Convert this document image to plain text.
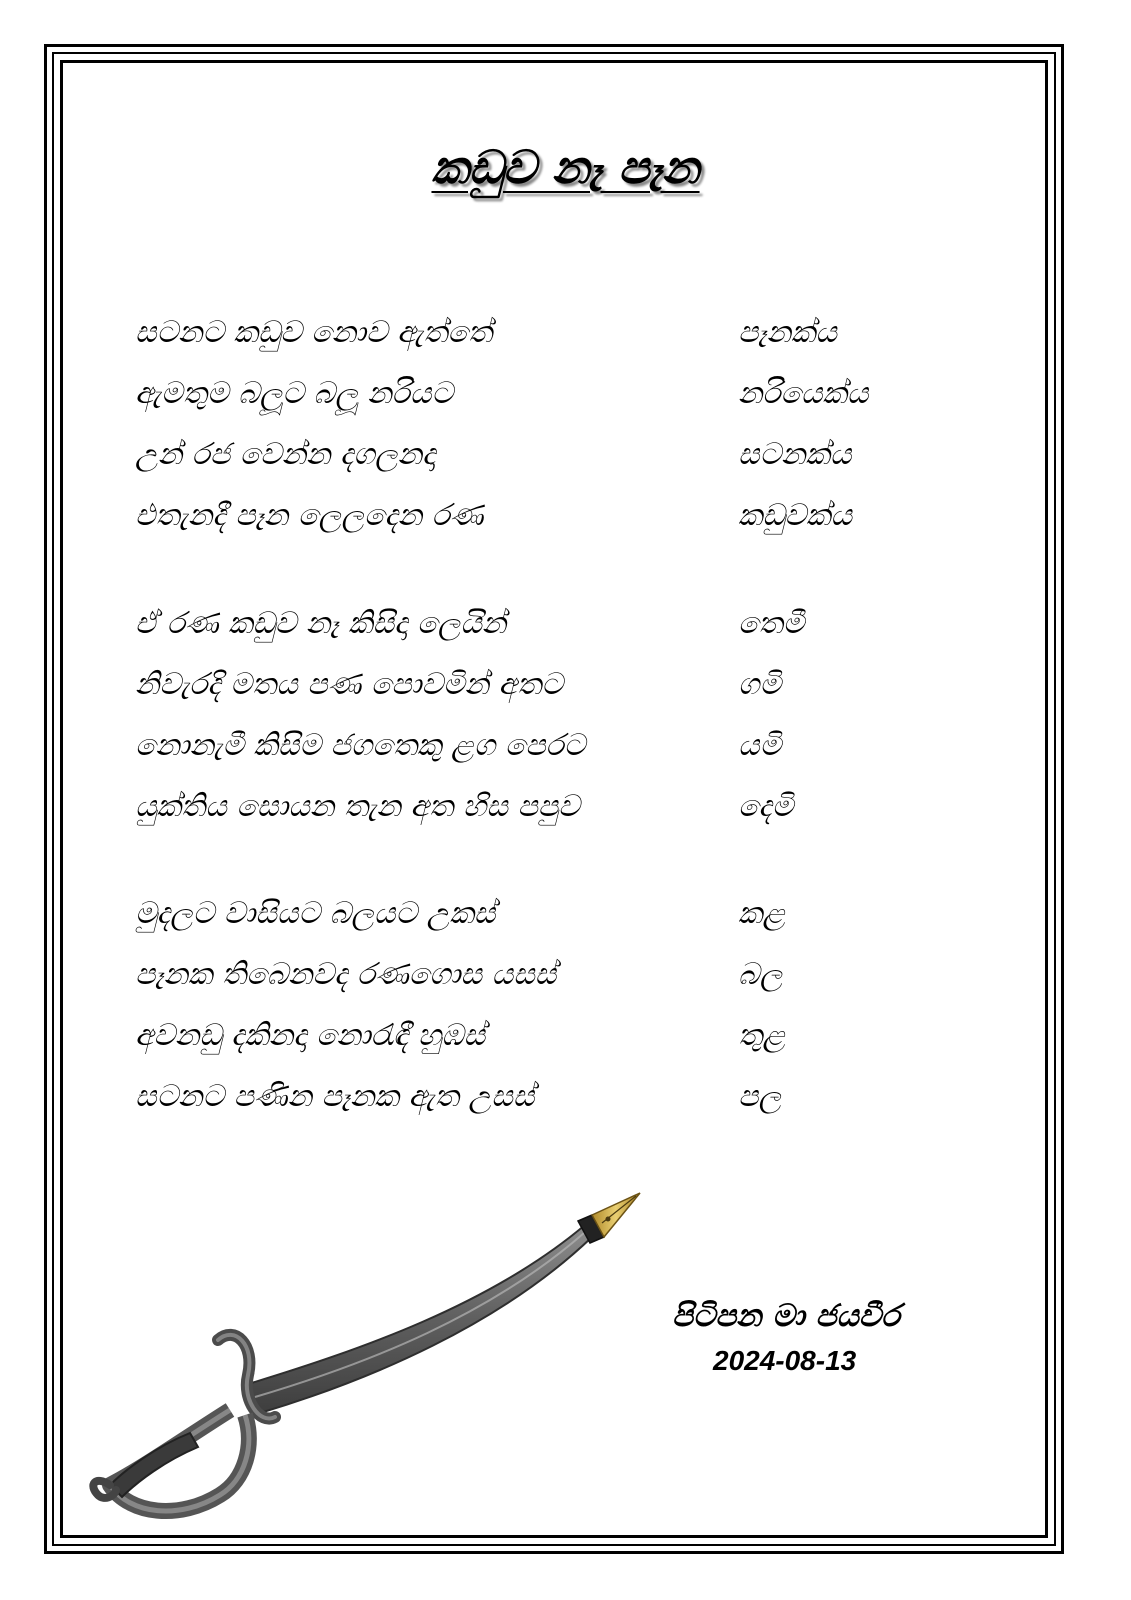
කඩුව නෑ පෑන
සටනට කඩුව නොව ඇත්තේ	පෑනක්ය
ඇමතුම බලූට බලූ නරියට	නරියෙක්ය
උන් රජ වෙන්න දගලනදා	සටනක්ය
එතැනදී පෑන ලෙලදෙන රණ	කඩුවක්ය
ඒ රණ කඩුව නෑ කිසිදා ලෙයින්	තෙමී
නිවැරදි මතය පණ පොවමින් අතට	ගමි
නොනැමී කිසිම ජගතෙකු ළග පෙරට	යමි
යුක්තිය සොයන තැන අත හිස පපුව	දෙමි
මුදලට වාසියට බලයට උකස්	කළ
පෑනක තිබෙනවද රණගොස යසස්	බල
අවනඩු දකිනදා නොරැඳී හුඹස්	තුළ
සටනට පණින පෑනක ඇත උසස්	පල
පිටිපන මා ජයවීර
2024-08-13
